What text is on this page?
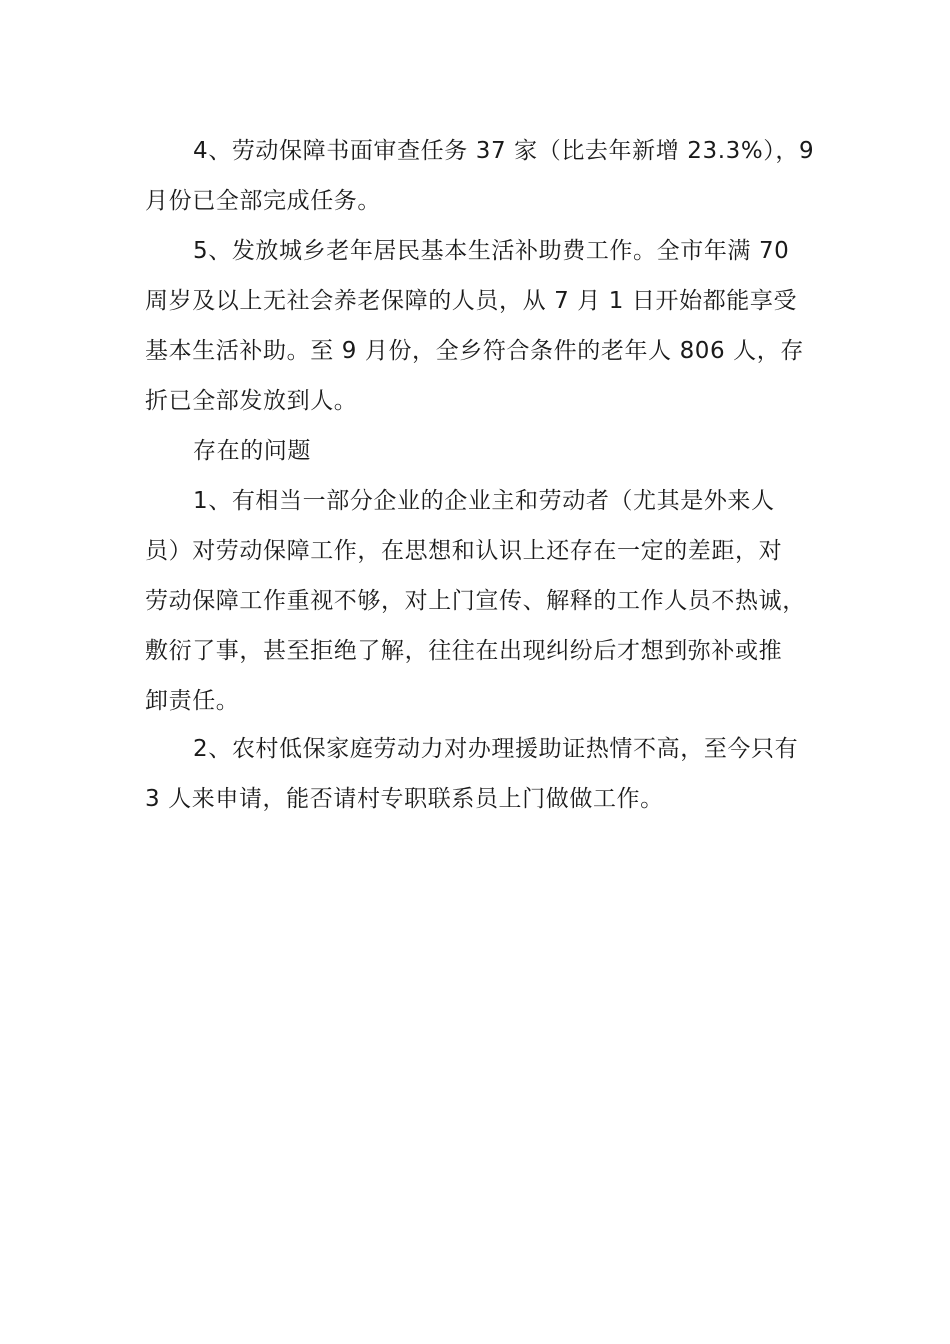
4、劳动保障书面审查任务 37 家（比去年新增 23.3%），9
月份已全部完成任务。
5、发放城乡老年居民基本生活补助费工作。全市年满 70
周岁及以上无社会养老保障的人员，从 7 月 1 日开始都能享受
基本生活补助。至 9 月份，全乡符合条件的老年人 806 人，存
折已全部发放到人。
存在的问题
1、有相当一部分企业的企业主和劳动者（尤其是外来人
员）对劳动保障工作，在思想和认识上还存在一定的差距，对
劳动保障工作重视不够，对上门宣传、解释的工作人员不热诚，
敷衍了事，甚至拒绝了解，往往在出现纠纷后才想到弥补或推
卸责任。
2、农村低保家庭劳动力对办理援助证热情不高，至今只有
3 人来申请，能否请村专职联系员上门做做工作。
